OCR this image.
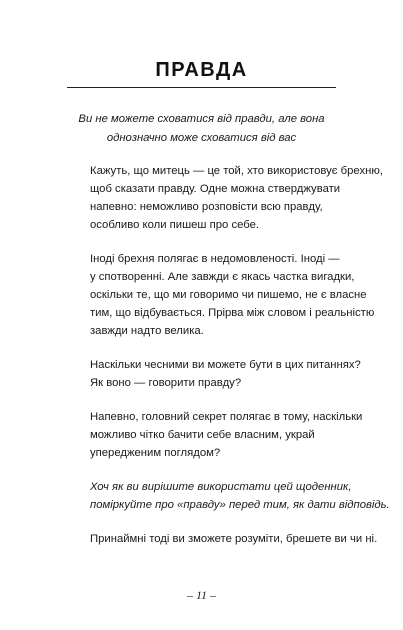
ПРАВДА
Ви не можете сховатися від правди, але вона
однозначно може сховатися від вас

Кажуть, що митець — це той, хто використовує брехню,
щоб сказати правду. Одне можна стверджувати
напевно: неможливо розповісти всю правду,
особливо коли пишеш про себе.

Іноді брехня полягає в недомовленості. Іноді —
у спотворенні. Але завжди є якась частка вигадки,
оскільки те, що ми говоримо чи пишемо, не є власне
тим, що відбувається. Прірва між словом і реальністю
завжди надто велика.

Наскільки чесними ви можете бути в цих питаннях?
Як воно — говорити правду?

Напевно, головний секрет полягає в тому, наскільки
можливо чітко бачити себе власним, украй
упередженим поглядом?

Хоч як ви вирішите використати цей щоденник,
поміркуйте про «правду» перед тим, як дати відповідь.

Принаймні тоді ви зможете розуміти, брешете ви чи ні.

– 11 –
